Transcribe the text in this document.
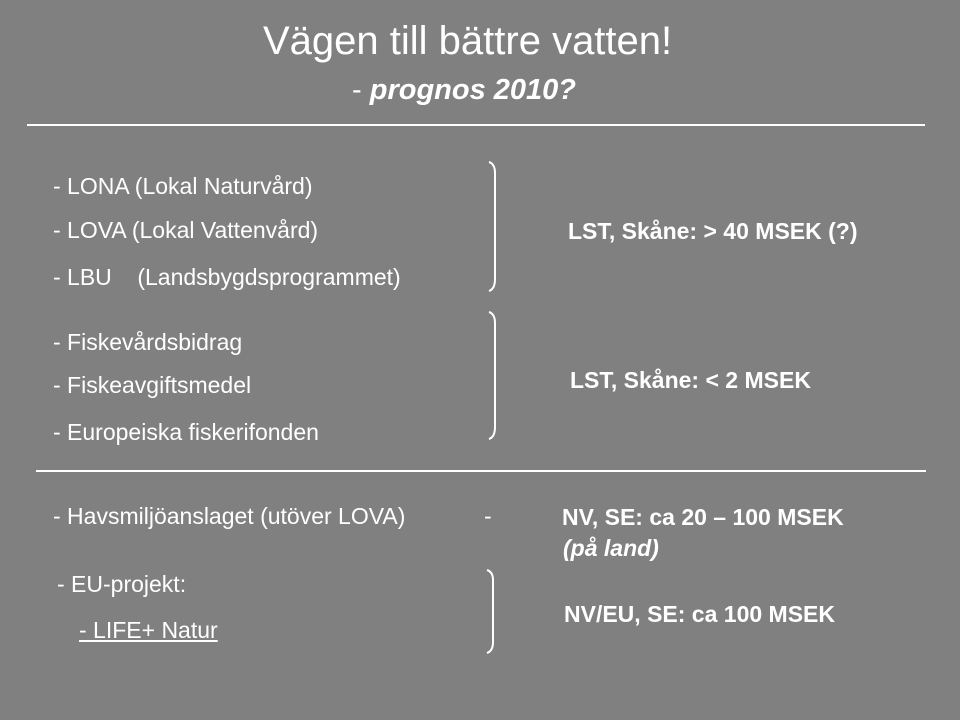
Vägen till bättre vatten!
- prognos 2010?
- LONA (Lokal Naturvård)
- LOVA (Lokal Vattenvård)
- LBU    (Landsbygdsprogrammet)
LST, Skåne: > 40 MSEK (?)
- Fiskevårdsbidrag
- Fiskeavgiftsmedel
- Europeiska fiskerifonden
LST, Skåne: < 2 MSEK
- Havsmiljöanslaget (utöver LOVA)	-	NV, SE: ca 20 – 100 MSEK
(på land)
- EU-projekt:
- LIFE+ Natur
NV/EU, SE: ca 100 MSEK
